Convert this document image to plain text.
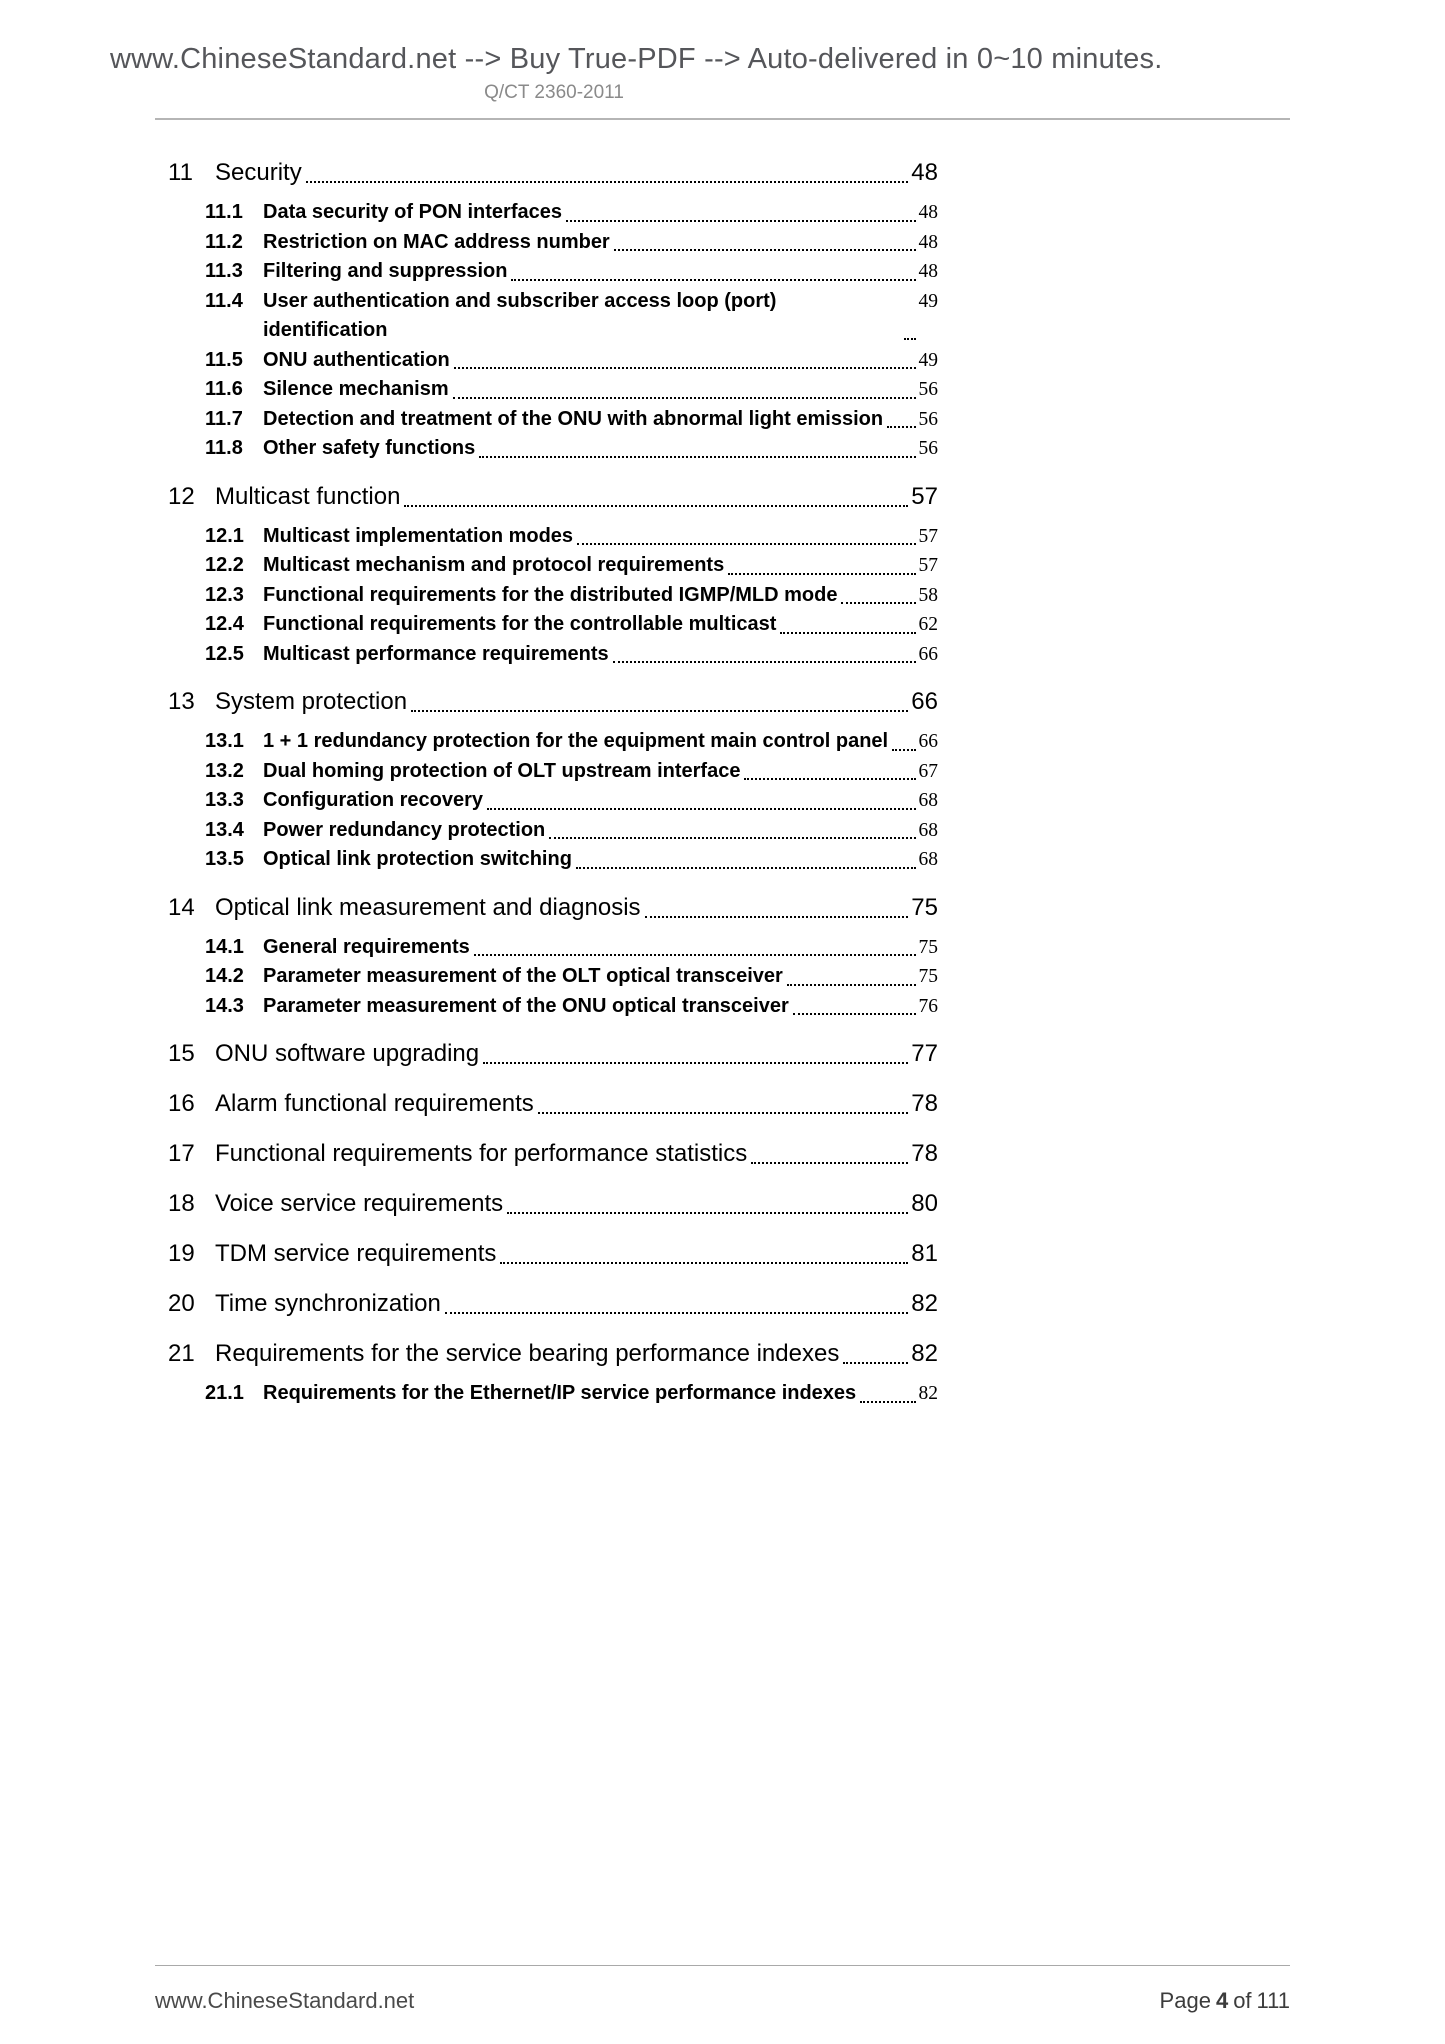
www.ChineseStandard.net --> Buy True-PDF --> Auto-delivered in 0~10 minutes.
Q/CT 2360-2011
11 Security	48
11.1	Data security of PON interfaces	48
11.2	Restriction on MAC address number	48
11.3	Filtering and suppression	48
11.4	User authentication and subscriber access loop (port) identification
49
11.5	ONU authentication	49
11.6	Silence mechanism	56
11.7	Detection and treatment of the ONU with abnormal light emission 56
11.8	Other safety functions	56
12 Multicast function	57
12.1 Multicast implementation modes	57
12.2 Multicast mechanism and protocol requirements	57
12.3 Functional requirements for the distributed IGMP/MLD mode	58
12.4 Functional requirements for the controllable multicast	62
12.5 Multicast performance requirements	66
13 System protection	66
13.1 1 + 1 redundancy protection for the equipment main control panel 66
13.2 Dual homing protection of OLT upstream interface	67
13.3 Configuration recovery	68
13.4 Power redundancy protection	68
13.5 Optical link protection switching	68
14 Optical link measurement and diagnosis	75
14.1 General requirements	75
14.2 Parameter measurement of the OLT optical transceiver	75
14.3 Parameter measurement of the ONU optical transceiver	76
15 ONU software upgrading	77
16 Alarm functional requirements	78
17 Functional requirements for performance statistics	78
18 Voice service requirements	80
19 TDM service requirements	81
20 Time synchronization	82
21 Requirements for the service bearing performance indexes	82
21.1 Requirements for the Ethernet/IP service performance indexes	82
www.ChineseStandard.net	Page 4 of 111
